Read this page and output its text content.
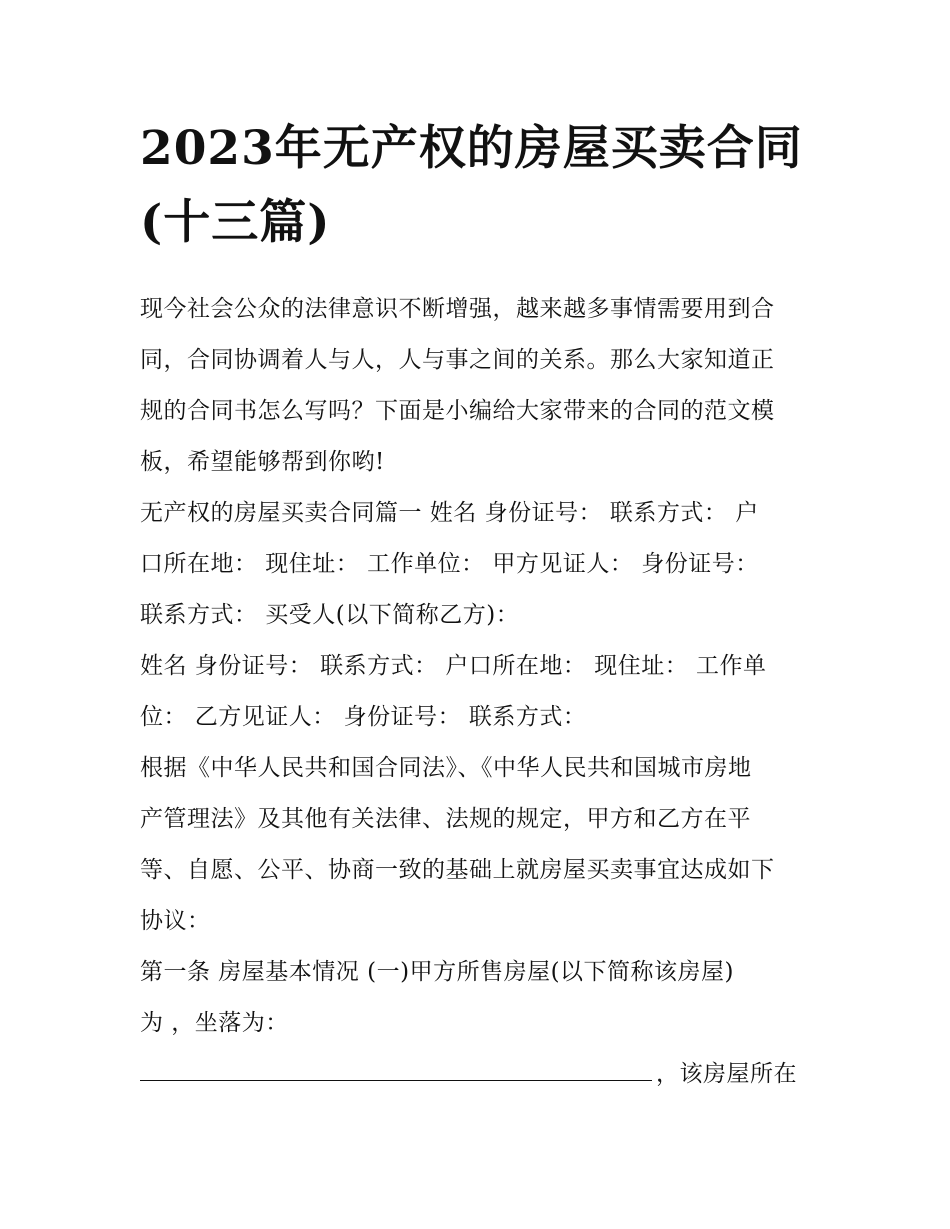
2023年无产权的房屋买卖合同
(十三篇)

现今社会公众的法律意识不断增强，越来越多事情需要用到合
同，合同协调着人与人，人与事之间的关系。那么大家知道正
规的合同书怎么写吗？下面是小编给大家带来的合同的范文模
板，希望能够帮到你哟!

无产权的房屋买卖合同篇一 姓名 身份证号： 联系方式： 户
口所在地： 现住址： 工作单位： 甲方见证人： 身份证号：
联系方式： 买受人(以下简称乙方)：

姓名 身份证号： 联系方式： 户口所在地： 现住址： 工作单
位： 乙方见证人： 身份证号： 联系方式：

根据《中华人民共和国合同法》、《中华人民共和国城市房地
产管理法》及其他有关法律、法规的规定，甲方和乙方在平
等、自愿、公平、协商一致的基础上就房屋买卖事宜达成如下
协议：

第一条 房屋基本情况 (一)甲方所售房屋(以下简称该房屋)
为 ，坐落为：
，该房屋所在
